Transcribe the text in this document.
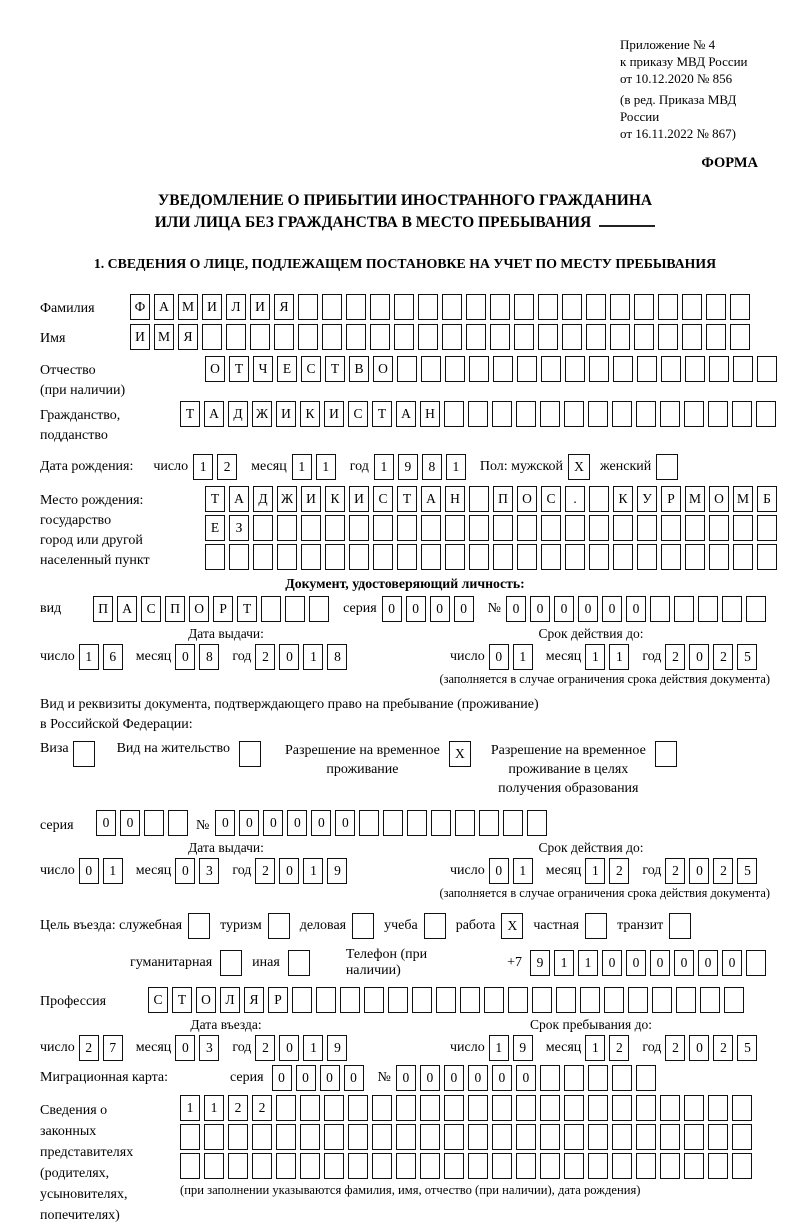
Приложение № 4
к приказу МВД России
от 10.12.2020 № 856
(в ред. Приказа МВД России
от 16.11.2022 № 867)
ФОРМА
УВЕДОМЛЕНИЕ О ПРИБЫТИИ ИНОСТРАННОГО ГРАЖДАНИНА
ИЛИ ЛИЦА БЕЗ ГРАЖДАНСТВА В МЕСТО ПРЕБЫВАНИЯ
1. СВЕДЕНИЯ О ЛИЦЕ, ПОДЛЕЖАЩЕМ ПОСТАНОВКЕ НА УЧЕТ ПО МЕСТУ ПРЕБЫВАНИЯ
Фамилия	Ф	А М И	Л	И	Я
Имя	И М Я
Отчество
(при наличии)
О	Т	Ч	Е	С	Т	В	О
Гражданство,
подданство
Т	А	Д Ж И	К	И	С	Т	А	Н
Дата рождения: число 1	2	месяц 1	1	год 1	9	8	1	Пол: мужской X	женский
Место рождения:
государство
город или другой
населенный пункт
Т	А	Д Ж И	К	И	С	Т	А	Н	П	О	С	.	К	У	Р	М О М	Б
Е	З
Документ, удостоверяющий личность:
вид	П	А	С	П	О	Р	Т	серия 0	0	0	0	№ 0	0	0	0	0	0
Дата выдачи:
число 1	6	месяц 0	8	год 2	0	1	8
Срок действия до:
число 0	1	месяц 1	1	год 2	0	2	5
(заполняется в случае ограничения срока действия документа)
Вид и реквизиты документа, подтверждающего право на пребывание (проживание)
в Российской Федерации:
Виза	Вид на жительство	Разрешение на временное
проживание
X	Разрешение на временное
проживание в целях
получения образования
серия	0	0	№ 0	0	0	0	0	0
Дата выдачи:
число 0	1	месяц 0	3	год 2	0	1	9
Срок действия до:
число 0	1	месяц 1	2	год 2	0	2	5
(заполняется в случае ограничения срока действия документа)
Цель въезда: служебная	туризм	деловая	учеба	работа X	частная	транзит
гуманитарная	иная
Телефон (при наличии)
+7	9	1	1	0	0	0	0	0	0
Профессия	С	Т	О	Л	Я	Р
Дата въезда:
число 2	7	месяц 0	3	год 2	0	1	9
Срок пребывания до:
число 1	9	месяц 1	2	год 2	0	2	5
Миграционная карта:	серия	0	0	0	0	№ 0	0	0	0	0	0
Сведения о
законных
представителях
(родителях,
усыновителях,
попечителях)
1	1	2	2
(при заполнении указываются фамилия, имя, отчество (при наличии), дата рождения)
